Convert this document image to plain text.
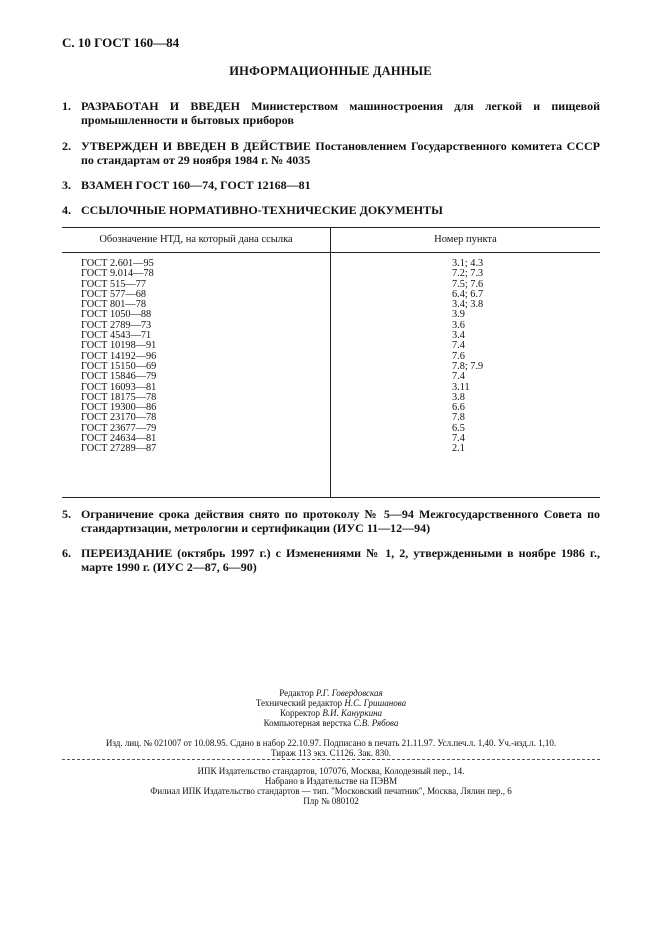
С. 10 ГОСТ 160—84
ИНФОРМАЦИОННЫЕ ДАННЫЕ
1. РАЗРАБОТАН И ВВЕДЕН Министерством машиностроения для легкой и пищевой промышленности и бытовых приборов
2. УТВЕРЖДЕН И ВВЕДЕН В ДЕЙСТВИЕ Постановлением Государственного комитета СССР по стандартам от 29 ноября 1984 г. № 4035
3. ВЗАМЕН ГОСТ 160—74, ГОСТ 12168—81
4. ССЫЛОЧНЫЕ НОРМАТИВНО-ТЕХНИЧЕСКИЕ ДОКУМЕНТЫ
Обозначение НТД, на который дана ссылка	Номер пункта
ГОСТ 2.601—95	3.1; 4.3
ГОСТ 9.014—78	7.2; 7.3
ГОСТ 515—77	7.5; 7.6
ГОСТ 577—68	6.4; 6.7
ГОСТ 801—78	3.4; 3.8
ГОСТ 1050—88	3.9
ГОСТ 2789—73	3.6
ГОСТ 4543—71	3.4
ГОСТ 10198—91	7.4
ГОСТ 14192—96	7.6
ГОСТ 15150—69	7.8; 7.9
ГОСТ 15846—79	7.4
ГОСТ 16093—81	3.11
ГОСТ 18175—78	3.8
ГОСТ 19300—86	6.6
ГОСТ 23170—78	7.8
ГОСТ 23677—79	6.5
ГОСТ 24634—81	7.4
ГОСТ 27289—87	2.1
5. Ограничение срока действия снято по протоколу № 5—94 Межгосударственного Совета по стандартизации, метрологии и сертификации (ИУС 11—12—94)
6. ПЕРЕИЗДАНИЕ (октябрь 1997 г.) с Изменениями № 1, 2, утвержденными в ноябре 1986 г., марте 1990 г. (ИУС 2—87, 6—90)
Редактор Р.Г. Говердовская
Технический редактор Н.С. Гришанова
Корректор В.И. Кануркина
Компьютерная верстка С.В. Рябова
Изд. лиц. № 021007 от 10.08.95. Сдано в набор 22.10.97. Подписано в печать 21.11.97. Усл.печ.л. 1,40. Уч.-изд.л. 1,10.
Тираж 113 экз. С1126. Зак. 830.
ИПК Издательство стандартов, 107076, Москва, Колодезный пер., 14.
Набрано в Издательстве на ПЭВМ
Филиал ИПК Издательство стандартов — тип. "Московский печатник", Москва, Лялин пер., 6
Плр № 080102
